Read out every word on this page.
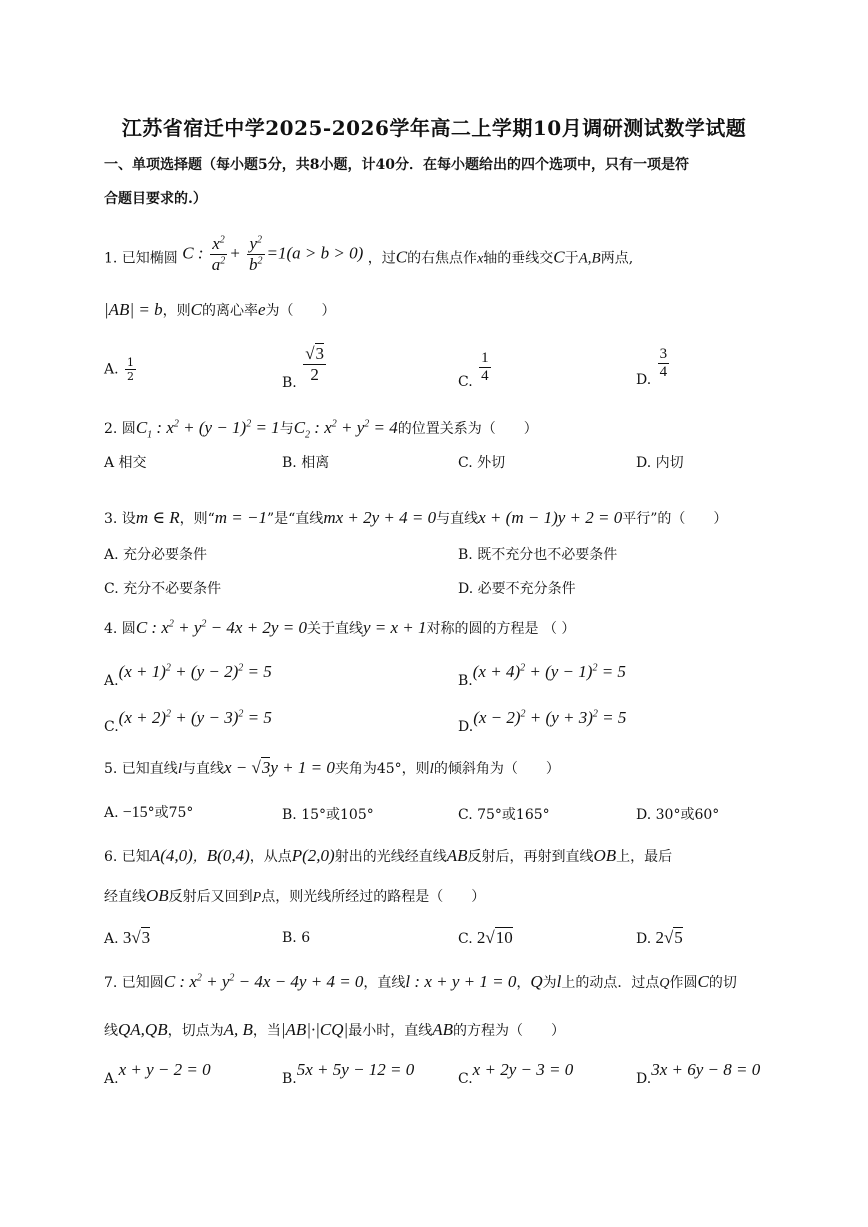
江苏省宿迁中学2025-2026学年高二上学期10月调研测试数学试题
一、单项选择题（每小题5分，共8小题，计40分．在每小题给出的四个选项中，只有一项是符
合题目要求的.）
1. 已知椭圆 C : $\frac{x^2}{a^2} + \frac{y^2}{b^2} =1(a > b > 0)$ ，过C的右焦点作x轴的垂线交C于A,B两点,
|AB| = b，则C的离心率e为（　　）
A. $\frac{1}{2}$	B. $\frac{√3}{2}$	C. $\frac{1}{4}$	D. $\frac{3}{4}$
2. 圆$C_1$ : $x^2 + (y - 1)^2 = 1$与$C_2$ : $x^2 + y^2 = 4$的位置关系为（　　）
A 相交	B. 相离	C. 外切	D. 内切
3. 设m ∈ R，则“m = −1”是“直线mx + 2y + 4 = 0与直线x + (m − 1)y + 2 = 0平行”的（　　）
A. 充分必要条件	B. 既不充分也不必要条件
C. 充分不必要条件	D. 必要不充分条件
4. 圆C : $x^2 + y^2 - 4x + 2y = 0$关于直线y = x + 1对称的圆的方程是 （ ）
$A.(x + 1)^2 + (y - 2)^2 = 5$	$B.(x + 4)^2 + (y - 1)^2 = 5$
$C.(x + 2)^2 + (y - 3)^2 = 5$	$D.(x - 2)^2 + (y + 3)^2 = 5$
5. 已知直线l与直线x − √3y + 1 = 0夹角为45°，则l的倾斜角为（　　）
A. −15°或75°	B. 15°或105°	C. 75°或165°	D. 30°或60°
6. 已知A(4,0)，B(0,4)，从点P(2,0)射出的光线经直线AB反射后，再射到直线OB上，最后
经直线OB反射后又回到P点，则光线所经过的路程是（　　）
A. 3√3	B. 6	C. 2√10	D. 2√5
7. 已知圆C : $x^2 + y^2 - 4x - 4y + 4 = 0$，直线l : x + y + 1 = 0，Q为l上的动点．过点Q作圆C的切
线QA,QB，切点为A, B，当|AB|·|CQ|最小时，直线AB的方程为（　　）
A.x + y − 2 = 0	B.5x + 5y − 12 = 0	C.x + 2y − 3 = 0	D.3x + 6y − 8 = 0
